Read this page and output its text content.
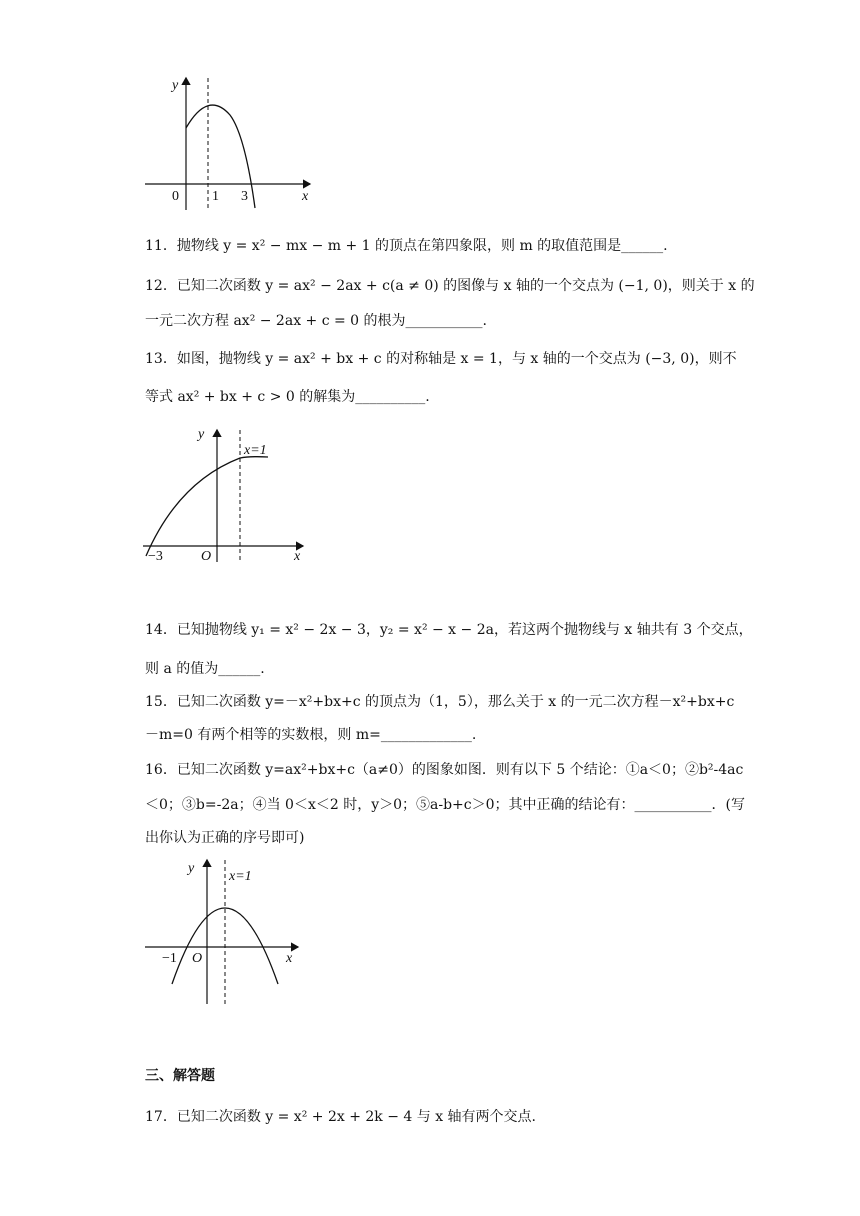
y
x
0 1 3
11．抛物线 y = x² − mx − m + 1 的顶点在第四象限，则 m 的取值范围是______.
12．已知二次函数 y = ax² − 2ax + c(a ≠ 0) 的图像与 x 轴的一个交点为 (−1, 0)，则关于 x 的
一元二次方程 ax² − 2ax + c = 0 的根为___________.
13．如图，抛物线 y = ax² + bx + c 的对称轴是 x = 1，与 x 轴的一个交点为 (−3, 0)，则不
等式 ax² + bx + c > 0 的解集为__________.
y
x=1
x
O
−3
14．已知抛物线 y₁ = x² − 2x − 3，y₂ = x² − x − 2a，若这两个抛物线与 x 轴共有 3 个交点，
则 a 的值为______.
15．已知二次函数 y=－x²+bx+c 的顶点为（1，5），那么关于 x 的一元二次方程－x²+bx+c
－m=0 有两个相等的实数根，则 m=_____________.
16．已知二次函数 y=ax²+bx+c（a≠0）的图象如图．则有以下 5 个结论：①a＜0；②b²-4ac
＜0；③b=-2a；④当 0＜x＜2 时，y＞0；⑤a-b+c＞0；其中正确的结论有：___________．(写
出你认为正确的序号即可)
y
x=1
x
O
−1
三、解答题
17．已知二次函数 y = x² + 2x + 2k − 4 与 x 轴有两个交点.
